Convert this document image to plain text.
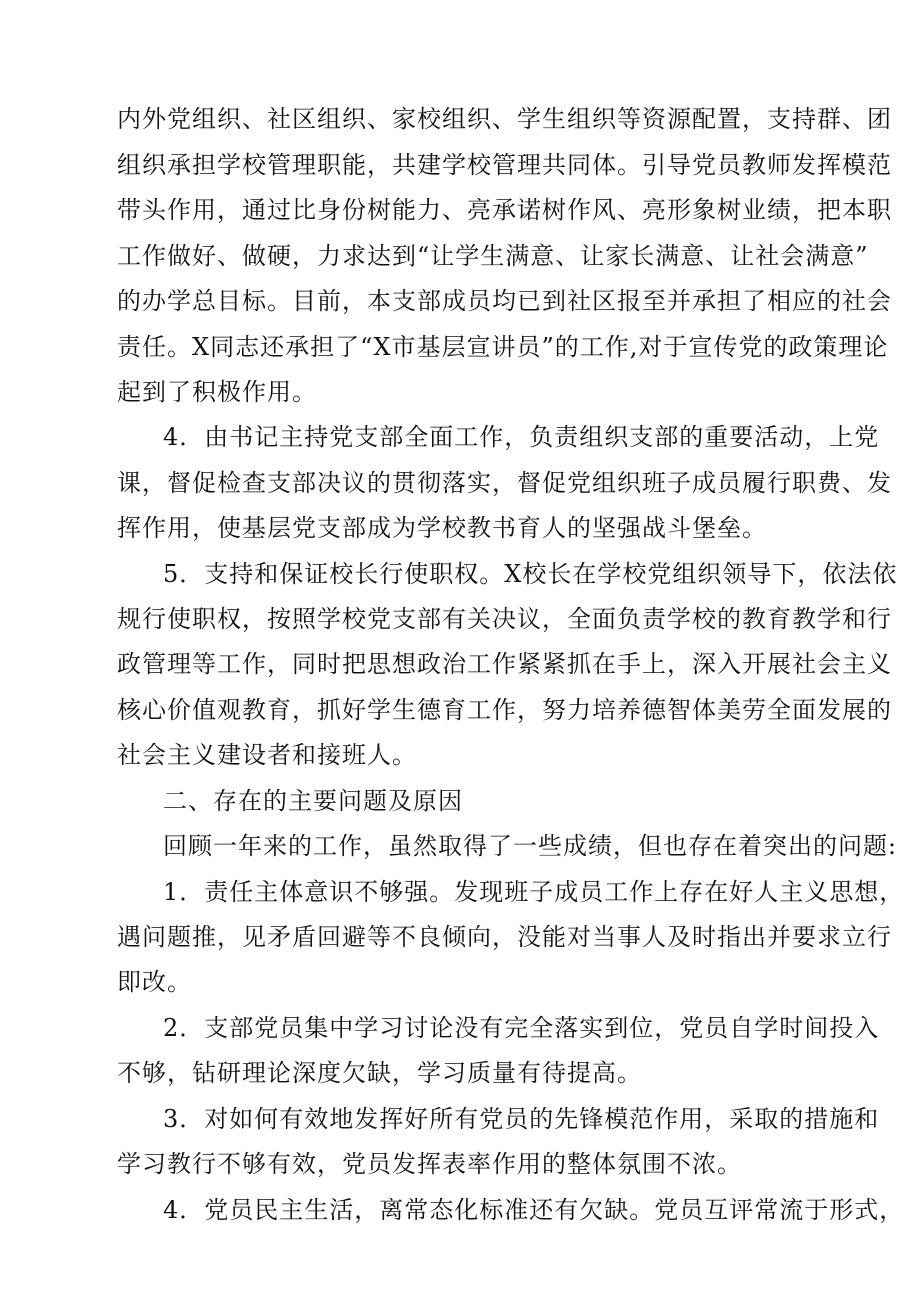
内外党组织、社区组织、家校组织、学生组织等资源配置，支持群、团
组织承担学校管理职能，共建学校管理共同体。引导党员教师发挥模范
带头作用，通过比身份树能力、亮承诺树作风、亮形象树业绩，把本职
工作做好、做硬，力求达到“让学生满意、让家长满意、让社会满意”
的办学总目标。目前，本支部成员均已到社区报至并承担了相应的社会
责任。X同志还承担了“X市基层宣讲员”的工作,对于宣传党的政策理论
起到了积极作用。
4．由书记主持党支部全面工作，负责组织支部的重要活动，上党
课，督促检查支部决议的贯彻落实，督促党组织班子成员履行职费、发
挥作用，使基层党支部成为学校教书育人的坚强战斗堡垒。
5．支持和保证校长行使职权。X校长在学校党组织领导下，依法依
规行使职权，按照学校党支部有关决议，全面负责学校的教育教学和行
政管理等工作，同时把思想政治工作紧紧抓在手上，深入开展社会主义
核心价值观教育，抓好学生德育工作，努力培养德智体美劳全面发展的
社会主义建设者和接班人。
二、存在的主要问题及原因
回顾一年来的工作，虽然取得了一些成绩，但也存在着突出的问题:
1．责任主体意识不够强。发现班子成员工作上存在好人主义思想，
遇问题推，见矛盾回避等不良倾向，没能对当事人及时指出并要求立行
即改。
2．支部党员集中学习讨论没有完全落实到位，党员自学时间投入
不够，钻研理论深度欠缺，学习质量有待提高。
3．对如何有效地发挥好所有党员的先锋模范作用，采取的措施和
学习教行不够有效，党员发挥表率作用的整体氛围不浓。
4．党员民主生活，离常态化标准还有欠缺。党员互评常流于形式，
